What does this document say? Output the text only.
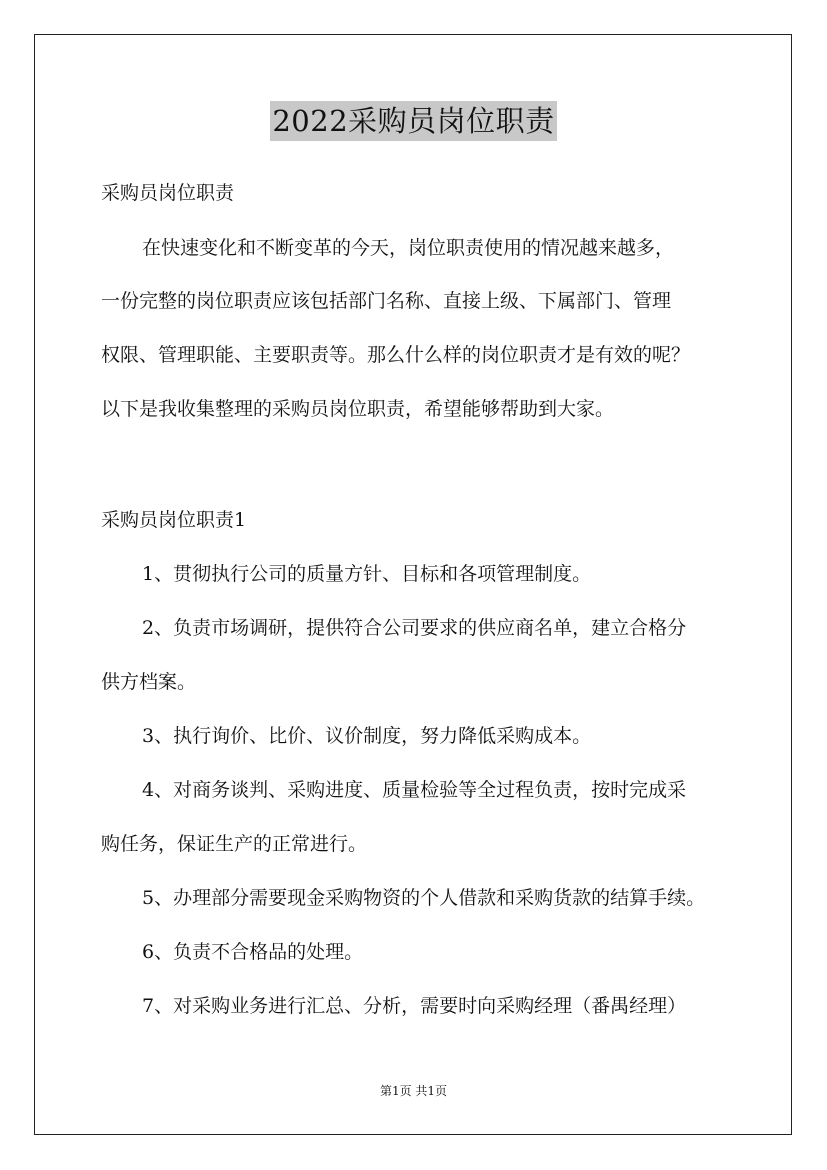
2022采购员岗位职责
采购员岗位职责
在快速变化和不断变革的今天，岗位职责使用的情况越来越多，
一份完整的岗位职责应该包括部门名称、直接上级、下属部门、管理
权限、管理职能、主要职责等。那么什么样的岗位职责才是有效的呢？
以下是我收集整理的采购员岗位职责，希望能够帮助到大家。
采购员岗位职责1
1、贯彻执行公司的质量方针、目标和各项管理制度。
2、负责市场调研，提供符合公司要求的供应商名单，建立合格分
供方档案。
3、执行询价、比价、议价制度，努力降低采购成本。
4、对商务谈判、采购进度、质量检验等全过程负责，按时完成采
购任务，保证生产的正常进行。
5、办理部分需要现金采购物资的个人借款和采购货款的结算手续。
6、负责不合格品的处理。
7、对采购业务进行汇总、分析，需要时向采购经理（番禺经理）
第1页 共1页
